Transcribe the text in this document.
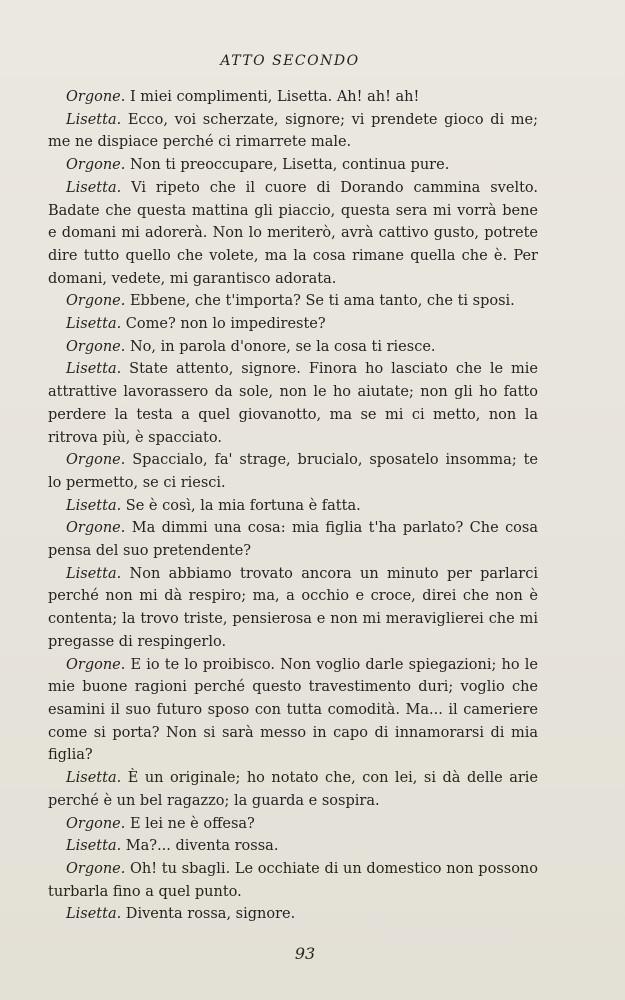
ATTO SECONDO

Orgone. I miei complimenti, Lisetta. Ah! ah! ah!

Lisetta. Ecco, voi scherzate, signore; vi prendete gioco di me; me ne dispiace perché ci rimarrete male.

Orgone. Non ti preoccupare, Lisetta, continua pure.

Lisetta. Vi ripeto che il cuore di Dorando cammina svelto. Badate che questa mattina gli piaccio, questa sera mi vorrà bene e domani mi adorerà. Non lo meriterò, avrà cattivo gusto, potrete dire tutto quello che volete, ma la cosa rimane quella che è. Per domani, vedete, mi garantisco adorata.

Orgone. Ebbene, che t'importa? Se ti ama tanto, che ti sposi.

Lisetta. Come? non lo impedireste?

Orgone. No, in parola d'onore, se la cosa ti riesce.

Lisetta. State attento, signore. Finora ho lasciato che le mie attrattive lavorassero da sole, non le ho aiutate; non gli ho fatto perdere la testa a quel giovanotto, ma se mi ci metto, non la ritrova più, è spacciato.

Orgone. Spaccialo, fa' strage, brucialo, sposatelo insomma; te lo permetto, se ci riesci.

Lisetta. Se è così, la mia fortuna è fatta.

Orgone. Ma dimmi una cosa: mia figlia t'ha parlato? Che cosa pensa del suo pretendente?

Lisetta. Non abbiamo trovato ancora un minuto per parlarci perché non mi dà respiro; ma, a occhio e croce, direi che non è contenta; la trovo triste, pensierosa e non mi meraviglierei che mi pregasse di respingerlo.

Orgone. E io te lo proibisco. Non voglio darle spiegazioni; ho le mie buone ragioni perché questo travestimento duri; voglio che esamini il suo futuro sposo con tutta comodità. Ma... il cameriere come si porta? Non si sarà messo in capo di innamorarsi di mia figlia?

Lisetta. È un originale; ho notato che, con lei, si dà delle arie perché è un bel ragazzo; la guarda e sospira.

Orgone. E lei ne è offesa?

Lisetta. Ma?... diventa rossa.

Orgone. Oh! tu sbagli. Le occhiate di un domestico non possono turbarla fino a quel punto.

Lisetta. Diventa rossa, signore.

93
